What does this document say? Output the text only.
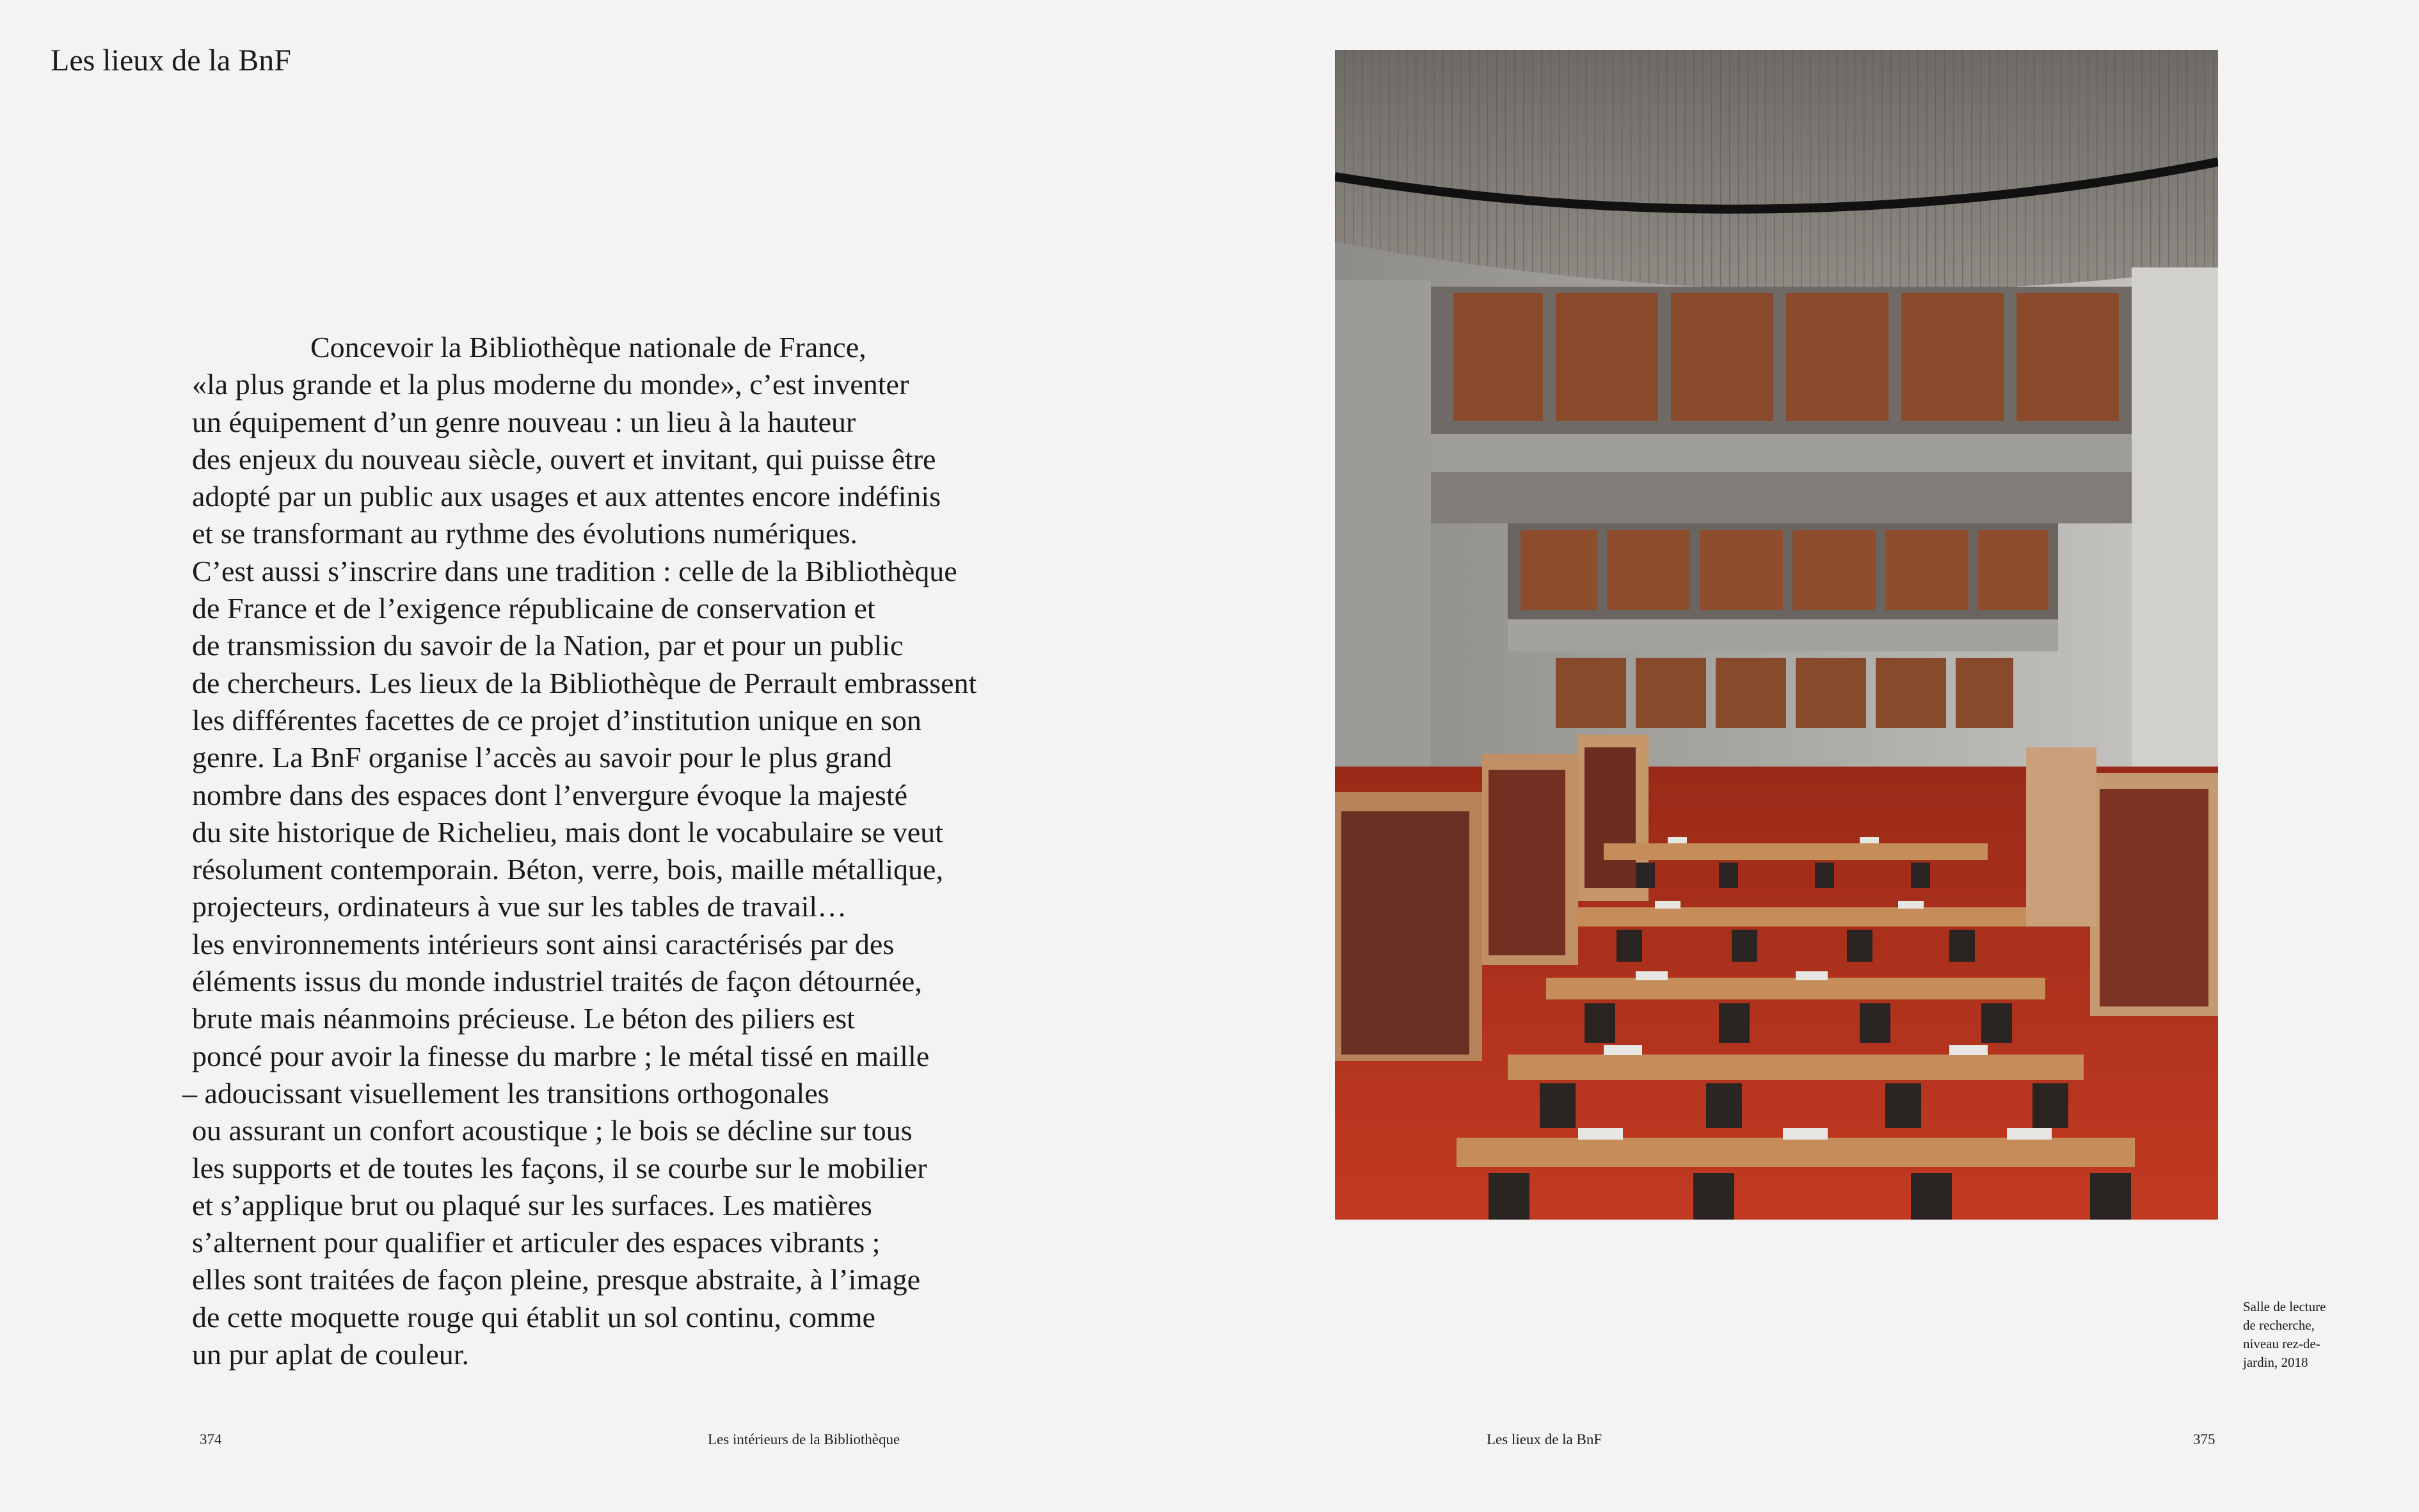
Les lieux de la BnF

Concevoir la Bibliothèque nationale de France,
«la plus grande et la plus moderne du monde», c’est inventer
un équipement d’un genre nouveau : un lieu à la hauteur
des enjeux du nouveau siècle, ouvert et invitant, qui puisse être
adopté par un public aux usages et aux attentes encore indéfinis
et se transformant au rythme des évolutions numériques.
C’est aussi s’inscrire dans une tradition : celle de la Bibliothèque
de France et de l’exigence républicaine de conservation et
de transmission du savoir de la Nation, par et pour un public
de chercheurs. Les lieux de la Bibliothèque de Perrault embrassent
les différentes facettes de ce projet d’institution unique en son
genre. La BnF organise l’accès au savoir pour le plus grand
nombre dans des espaces dont l’envergure évoque la majesté
du site historique de Richelieu, mais dont le vocabulaire se veut
résolument contemporain. Béton, verre, bois, maille métallique,
projecteurs, ordinateurs à vue sur les tables de travail…
les environnements intérieurs sont ainsi caractérisés par des
éléments issus du monde industriel traités de façon détournée,
brute mais néanmoins précieuse. Le béton des piliers est
poncé pour avoir la finesse du marbre ; le métal tissé en maille
– adoucissant visuellement les transitions orthogonales
ou assurant un confort acoustique ; le bois se décline sur tous
les supports et de toutes les façons, il se courbe sur le mobilier
et s’applique brut ou plaqué sur les surfaces. Les matières
s’alternent pour qualifier et articuler des espaces vibrants ;
elles sont traitées de façon pleine, presque abstraite, à l’image
de cette moquette rouge qui établit un sol continu, comme
un pur aplat de couleur.

Salle de lecture
de recherche,
niveau rez-de-
jardin, 2018
374	Les intérieurs de la Bibliothèque	Les lieux de la BnF	375
